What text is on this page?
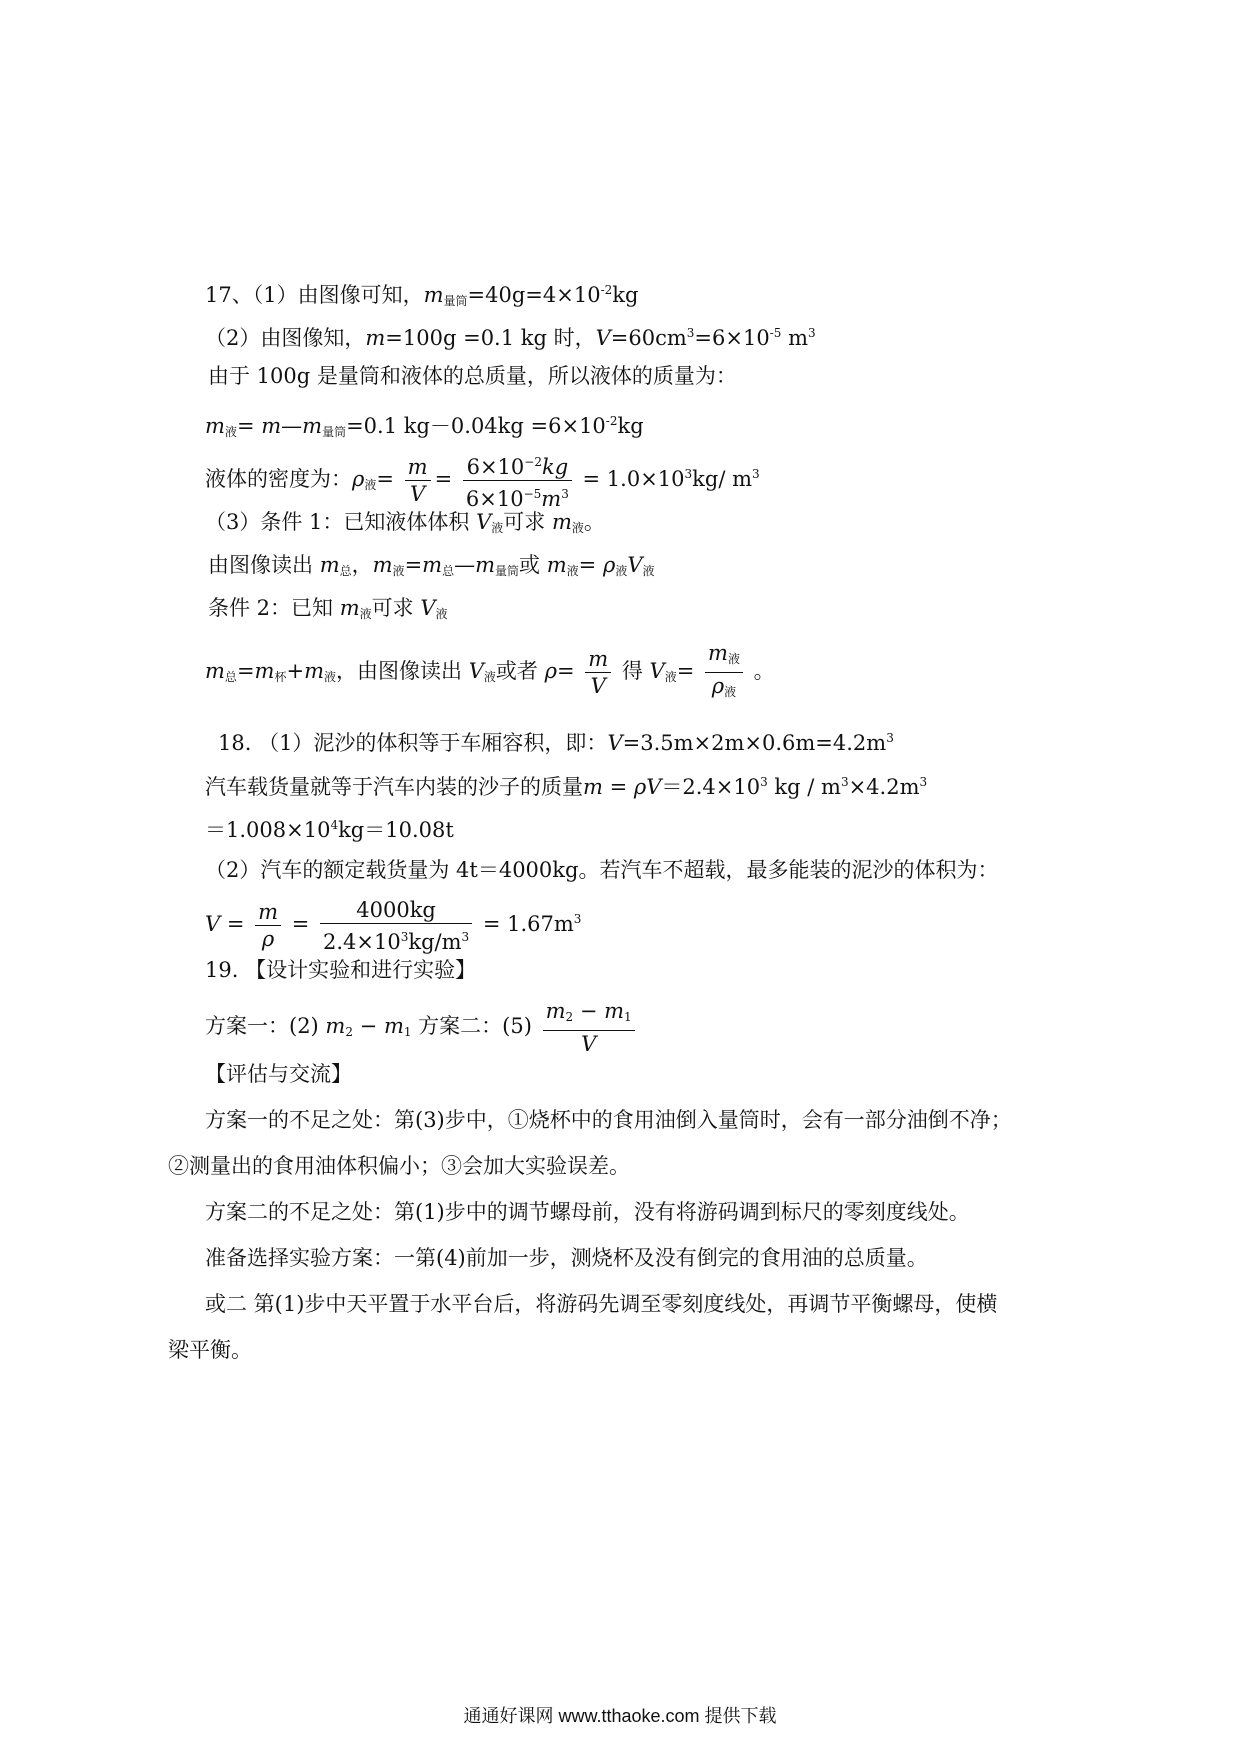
17、（1）由图像可知，$m_{量筒}=40g=4\times 10^{-2}kg$
（2）由图像知，m=100g =0.1 kg 时，$V=60cm^3=6\times 10^{-5}$ $m^3$
由于 100g 是量筒和液体的总质量，所以液体的质量为：
$m_液=$ $m—m_{量筒}=0.1$ $kg-0.04kg =6\times 10^{-2}kg$
液体的密度为：$\rho_液= \frac{m}{V} = \frac{6\times 10^{-2}kg}{6\times 10^{-5}m^3} = 1.0\times 10^3kg/$ $m^3$
（3）条件 1：已知液体体积 $V_液$可求 $m_液$。
由图像读出 $m_总$，$m_液=m_总—m_{量筒}$或 $m_液= \rho_液V_液$
条件 2：已知 $m_液$可求 $V_液$
$m_总=m_杯+m_液$，由图像读出 $V_液$或者 $\rho= \frac{m}{V}$ 得 $V_液= \frac{m_液}{\rho_液}$ 。
18. （1）泥沙的体积等于车厢容积，即：$V=3.5m\times 2m\times 0.6m=4.2m^3$
汽车载货量就等于汽车内装的沙子的质量$m = \rho V=2.4\times 10^3$ kg / $m^3\times 4.2m^3$
$=1.008\times 10^4kg=10.08t$
（2）汽车的额定载货量为 4t＝4000kg。若汽车不超载，最多能装的泥沙的体积为：
$V = \frac{m}{\rho} = \frac{4000kg}{2.4\times 10^3kg/m^3} = 1.67m^3$
19. 【设计实验和进行实验】
方案一：(2) $m_2 - m_1$ 方案二：$(5) \frac{m_2 - m_1}{V}$
【评估与交流】
方案一的不足之处：第(3)步中，①烧杯中的食用油倒入量筒时，会有一部分油倒不净；
②测量出的食用油体积偏小；③会加大实验误差。
方案二的不足之处：第(1)步中的调节螺母前，没有将游码调到标尺的零刻度线处。
准备选择实验方案：一第(4)前加一步，测烧杯及没有倒完的食用油的总质量。
或二 第(1)步中天平置于水平台后，将游码先调至零刻度线处，再调节平衡螺母，使横
梁平衡。
通通好课网 www.tthaoke.com 提供下载
